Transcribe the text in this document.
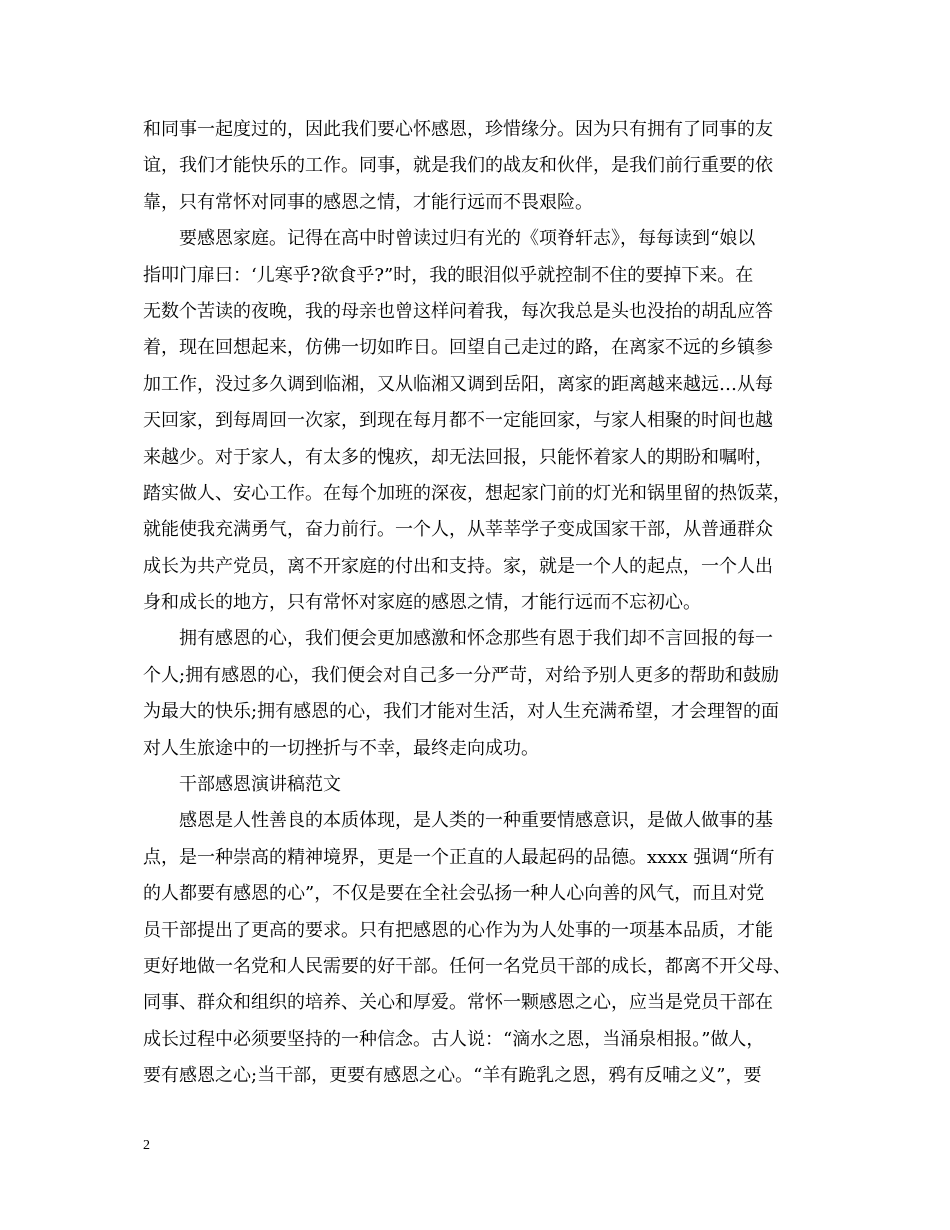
和同事一起度过的，因此我们要心怀感恩，珍惜缘分。因为只有拥有了同事的友
谊，我们才能快乐的工作。同事，就是我们的战友和伙伴，是我们前行重要的依
靠，只有常怀对同事的感恩之情，才能行远而不畏艰险。
要感恩家庭。记得在高中时曾读过归有光的《项脊轩志》，每每读到“娘以
指叩门扉曰：‘儿寒乎?欲食乎?”时，我的眼泪似乎就控制不住的要掉下来。在
无数个苦读的夜晚，我的母亲也曾这样问着我，每次我总是头也没抬的胡乱应答
着，现在回想起来，仿佛一切如昨日。回望自己走过的路，在离家不远的乡镇参
加工作，没过多久调到临湘，又从临湘又调到岳阳，离家的距离越来越远…从每
天回家，到每周回一次家，到现在每月都不一定能回家，与家人相聚的时间也越
来越少。对于家人，有太多的愧疚，却无法回报，只能怀着家人的期盼和嘱咐，
踏实做人、安心工作。在每个加班的深夜，想起家门前的灯光和锅里留的热饭菜，
就能使我充满勇气，奋力前行。一个人，从莘莘学子变成国家干部，从普通群众
成长为共产党员，离不开家庭的付出和支持。家，就是一个人的起点，一个人出
身和成长的地方，只有常怀对家庭的感恩之情，才能行远而不忘初心。
拥有感恩的心，我们便会更加感激和怀念那些有恩于我们却不言回报的每一
个人;拥有感恩的心，我们便会对自己多一分严苛，对给予别人更多的帮助和鼓励
为最大的快乐;拥有感恩的心，我们才能对生活，对人生充满希望，才会理智的面
对人生旅途中的一切挫折与不幸，最终走向成功。
干部感恩演讲稿范文
感恩是人性善良的本质体现，是人类的一种重要情感意识，是做人做事的基
点，是一种崇高的精神境界，更是一个正直的人最起码的品德。xxxx 强调“所有
的人都要有感恩的心”，不仅是要在全社会弘扬一种人心向善的风气，而且对党
员干部提出了更高的要求。只有把感恩的心作为为人处事的一项基本品质，才能
更好地做一名党和人民需要的好干部。任何一名党员干部的成长，都离不开父母、
同事、群众和组织的培养、关心和厚爱。常怀一颗感恩之心，应当是党员干部在
成长过程中必须要坚持的一种信念。古人说：“滴水之恩，当涌泉相报。”做人，
要有感恩之心;当干部，更要有感恩之心。“羊有跪乳之恩，鸦有反哺之义”，要
2
